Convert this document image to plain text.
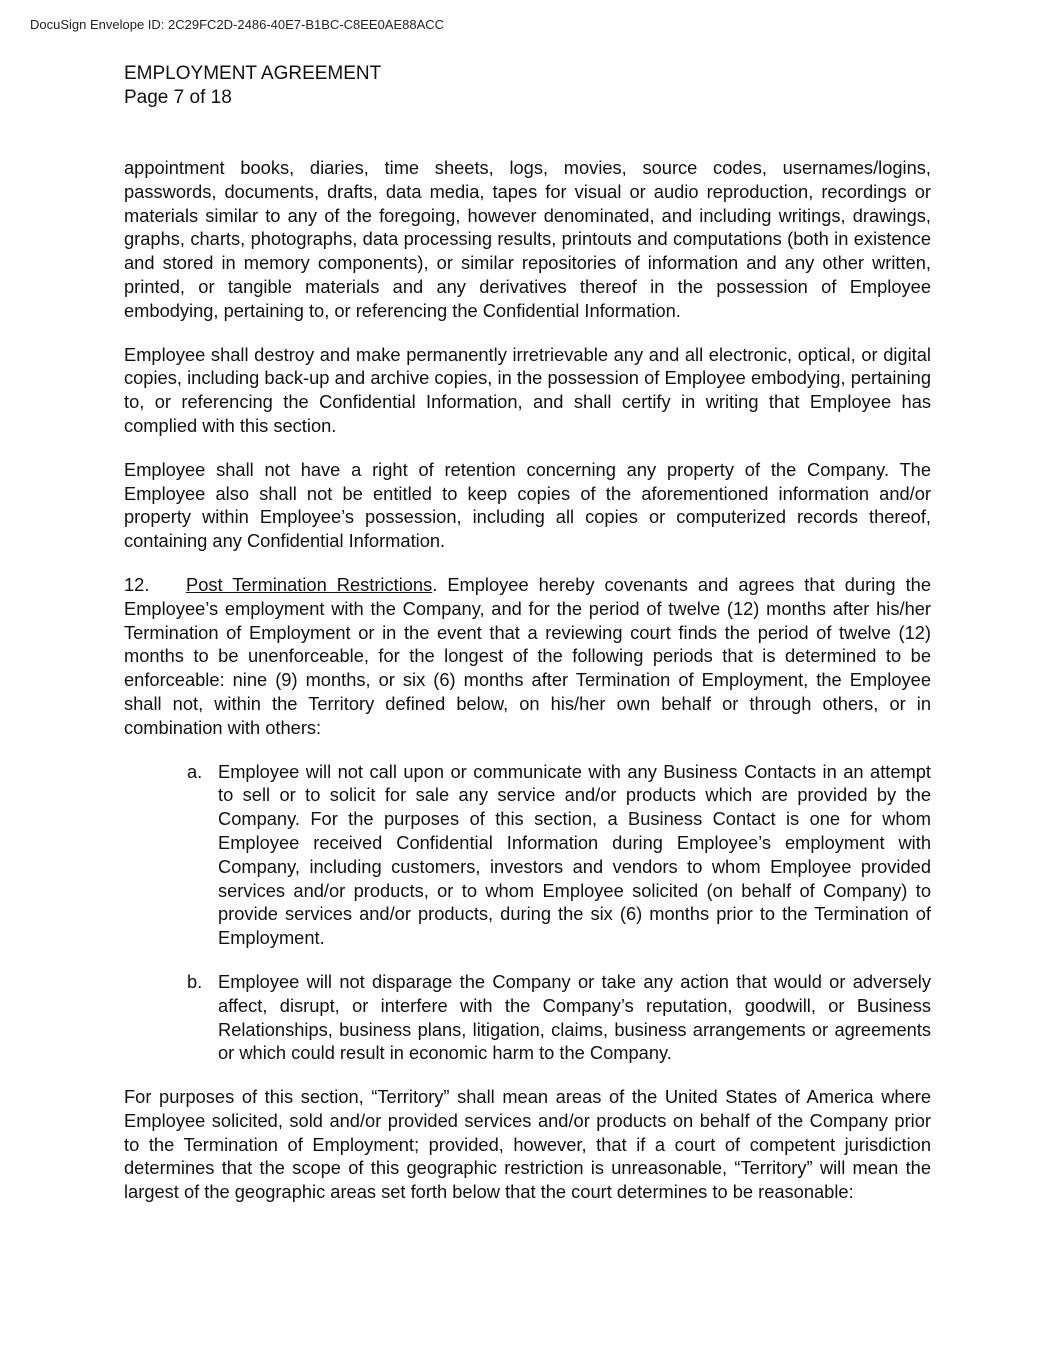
DocuSign Envelope ID: 2C29FC2D-2486-40E7-B1BC-C8EE0AE88ACC
EMPLOYMENT AGREEMENT
Page 7 of 18

appointment books, diaries, time sheets, logs, movies, source codes, usernames/logins, passwords, documents, drafts, data media, tapes for visual or audio reproduction, recordings or materials similar to any of the foregoing, however denominated, and including writings, drawings, graphs, charts, photographs, data processing results, printouts and computations (both in existence and stored in memory components), or similar repositories of information and any other written, printed, or tangible materials and any derivatives thereof in the possession of Employee embodying, pertaining to, or referencing the Confidential Information.

Employee shall destroy and make permanently irretrievable any and all electronic, optical, or digital copies, including back-up and archive copies, in the possession of Employee embodying, pertaining to, or referencing the Confidential Information, and shall certify in writing that Employee has complied with this section.

Employee shall not have a right of retention concerning any property of the Company. The Employee also shall not be entitled to keep copies of the aforementioned information and/or property within Employee’s possession, including all copies or computerized records thereof, containing any Confidential Information.

12. Post Termination Restrictions. Employee hereby covenants and agrees that during the Employee’s employment with the Company, and for the period of twelve (12) months after his/her Termination of Employment or in the event that a reviewing court finds the period of twelve (12) months to be unenforceable, for the longest of the following periods that is determined to be enforceable: nine (9) months, or six (6) months after Termination of Employment, the Employee shall not, within the Territory defined below, on his/her own behalf or through others, or in combination with others:

a. Employee will not call upon or communicate with any Business Contacts in an attempt to sell or to solicit for sale any service and/or products which are provided by the Company. For the purposes of this section, a Business Contact is one for whom Employee received Confidential Information during Employee’s employment with Company, including customers, investors and vendors to whom Employee provided services and/or products, or to whom Employee solicited (on behalf of Company) to provide services and/or products, during the six (6) months prior to the Termination of Employment.
b. Employee will not disparage the Company or take any action that would or adversely affect, disrupt, or interfere with the Company’s reputation, goodwill, or Business Relationships, business plans, litigation, claims, business arrangements or agreements or which could result in economic harm to the Company.

For purposes of this section, “Territory” shall mean areas of the United States of America where Employee solicited, sold and/or provided services and/or products on behalf of the Company prior to the Termination of Employment; provided, however, that if a court of competent jurisdiction determines that the scope of this geographic restriction is unreasonable, “Territory” will mean the largest of the geographic areas set forth below that the court determines to be reasonable:
